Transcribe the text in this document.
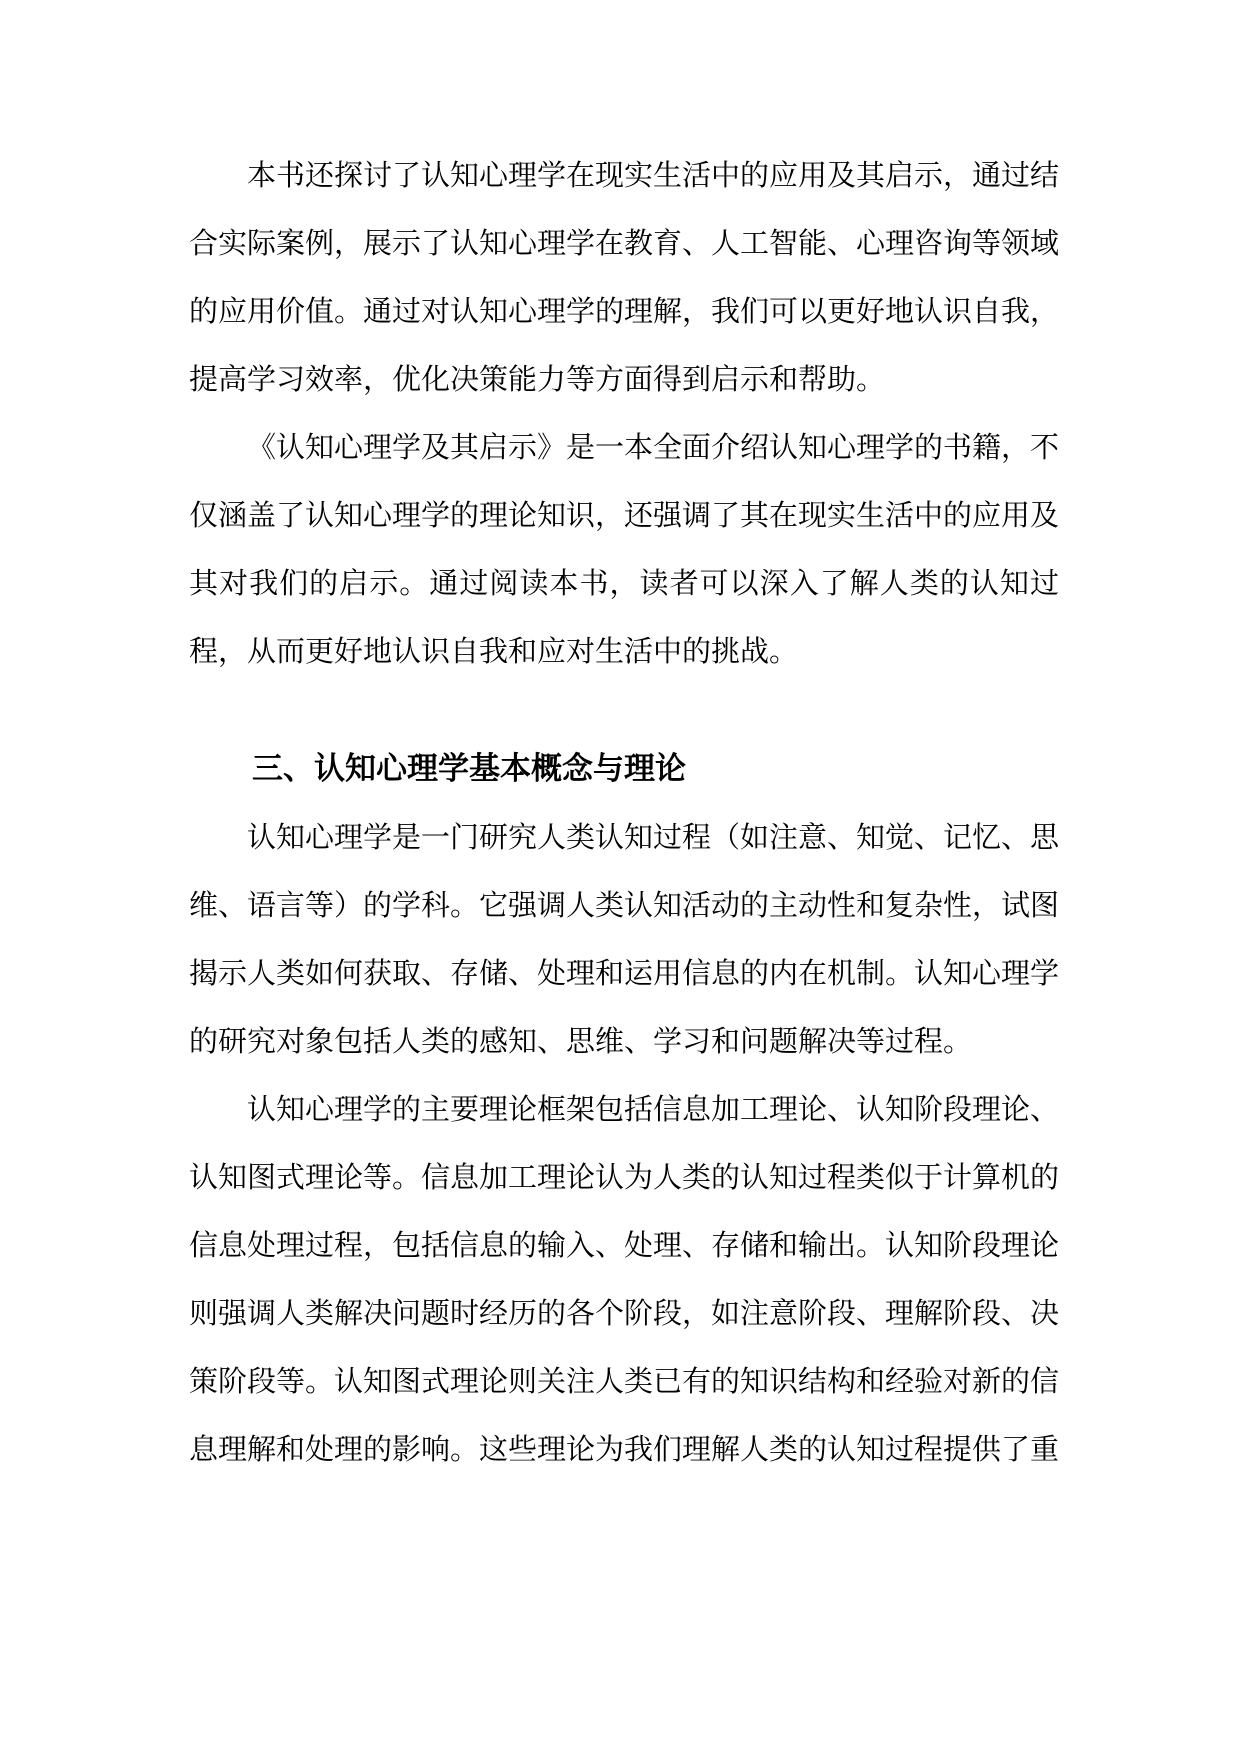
本书还探讨了认知心理学在现实生活中的应用及其启示，通过结合实际案例，展示了认知心理学在教育、人工智能、心理咨询等领域的应用价值。通过对认知心理学的理解，我们可以更好地认识自我，提高学习效率，优化决策能力等方面得到启示和帮助。

《认知心理学及其启示》是一本全面介绍认知心理学的书籍，不仅涵盖了认知心理学的理论知识，还强调了其在现实生活中的应用及其对我们的启示。通过阅读本书，读者可以深入了解人类的认知过程，从而更好地认识自我和应对生活中的挑战。

三、认知心理学基本概念与理论

认知心理学是一门研究人类认知过程（如注意、知觉、记忆、思维、语言等）的学科。它强调人类认知活动的主动性和复杂性，试图揭示人类如何获取、存储、处理和运用信息的内在机制。认知心理学的研究对象包括人类的感知、思维、学习和问题解决等过程。

认知心理学的主要理论框架包括信息加工理论、认知阶段理论、认知图式理论等。信息加工理论认为人类的认知过程类似于计算机的信息处理过程，包括信息的输入、处理、存储和输出。认知阶段理论则强调人类解决问题时经历的各个阶段，如注意阶段、理解阶段、决策阶段等。认知图式理论则关注人类已有的知识结构和经验对新的信息理解和处理的影响。这些理论为我们理解人类的认知过程提供了重
